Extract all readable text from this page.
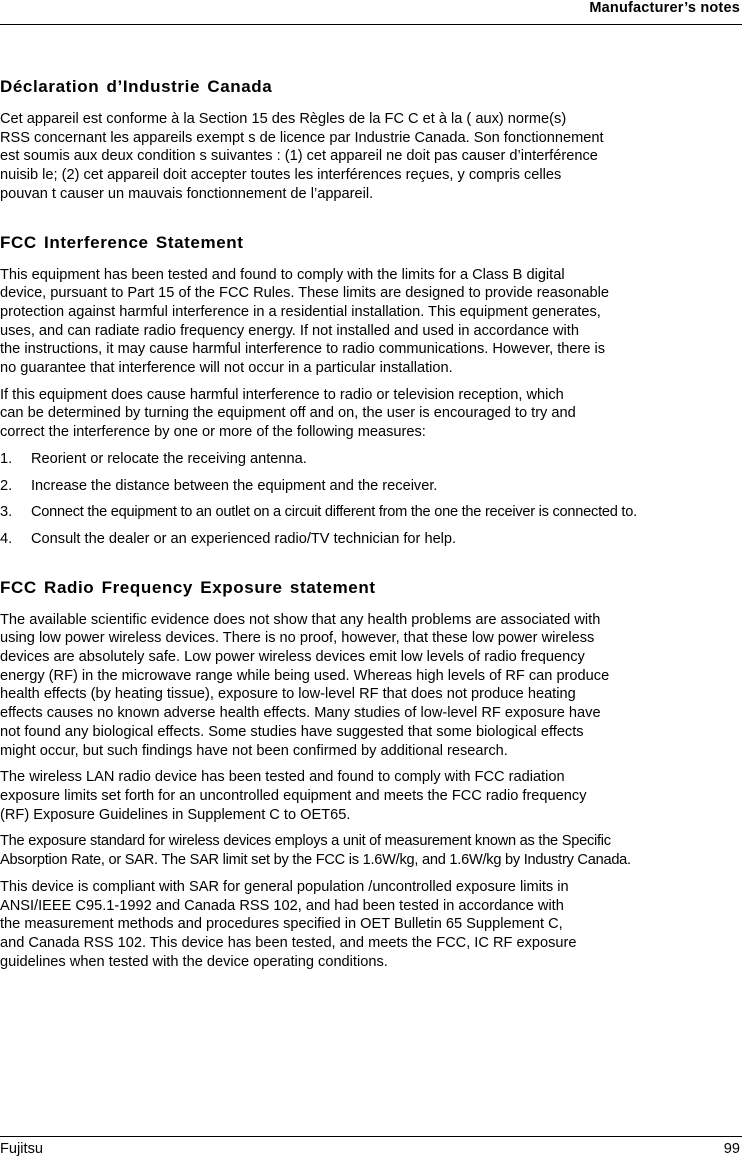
Manufacturer’s notes
Déclaration d’Industrie Canada

Cet appareil est conforme à la Section 15 des Règles de la FC C et à la ( aux) norme(s)
RSS concernant les appareils exempt s de licence par Industrie Canada. Son fonctionnement
est soumis aux deux condition s suivantes : (1) cet appareil ne doit pas causer d’interférence
nuisib le; (2) cet appareil doit accepter toutes les interférences reçues, y compris celles
pouvan t causer un mauvais fonctionnement de l’appareil.

FCC Interference Statement

This equipment has been tested and found to comply with the limits for a Class B digital
device, pursuant to Part 15 of the FCC Rules. These limits are designed to provide reasonable
protection against harmful interference in a residential installation. This equipment generates,
uses, and can radiate radio frequency energy. If not installed and used in accordance with
the instructions, it may cause harmful interference to radio communications. However, there is
no guarantee that interference will not occur in a particular installation.

If this equipment does cause harmful interference to radio or television reception, which
can be determined by turning the equipment off and on, the user is encouraged to try and
correct the interference by one or more of the following measures:

1.	Reorient or relocate the receiving antenna.
2.	Increase the distance between the equipment and the receiver.
3.	Connect the equipment to an outlet on a circuit different from the one the receiver is connected to.
4.	Consult the dealer or an experienced radio/TV technician for help.
FCC Radio Frequency Exposure statement

The available scientific evidence does not show that any health problems are associated with
using low power wireless devices. There is no proof, however, that these low power wireless
devices are absolutely safe. Low power wireless devices emit low levels of radio frequency
energy (RF) in the microwave range while being used. Whereas high levels of RF can produce
health effects (by heating tissue), exposure to low-level RF that does not produce heating
effects causes no known adverse health effects. Many studies of low-level RF exposure have
not found any biological effects. Some studies have suggested that some biological effects
might occur, but such findings have not been confirmed by additional research.

The wireless LAN radio device has been tested and found to comply with FCC radiation
exposure limits set forth for an uncontrolled equipment and meets the FCC radio frequency
(RF) Exposure Guidelines in Supplement C to OET65.

The exposure standard for wireless devices employs a unit of measurement known as the Specific
Absorption Rate, or SAR. The SAR limit set by the FCC is 1.6W/kg, and 1.6W/kg by Industry Canada.

This device is compliant with SAR for general population /uncontrolled exposure limits in
ANSI/IEEE C95.1-1992 and Canada RSS 102, and had been tested in accordance with
the measurement methods and procedures specified in OET Bulletin 65 Supplement C,
and Canada RSS 102. This device has been tested, and meets the FCC, IC RF exposure
guidelines when tested with the device operating conditions.

Fujitsu	99
